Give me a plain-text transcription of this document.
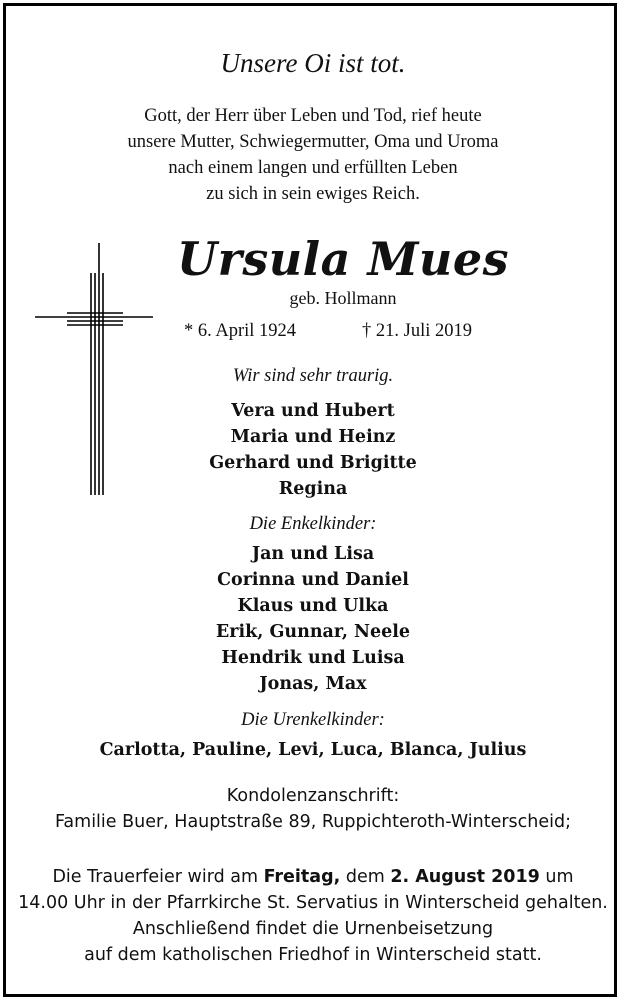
Unsere Oi ist tot.
Gott, der Herr über Leben und Tod, rief heute
unsere Mutter, Schwiegermutter, Oma und Uroma
nach einem langen und erfüllten Leben
zu sich in sein ewiges Reich.
Ursula Mues
geb. Hollmann
* 6. April 1924	† 21. Juli 2019
Wir sind sehr traurig.
Vera und Hubert
Maria und Heinz
Gerhard und Brigitte
Regina
Die Enkelkinder:
Jan und Lisa
Corinna und Daniel
Klaus und Ulka
Erik, Gunnar, Neele
Hendrik und Luisa
Jonas, Max
Die Urenkelkinder:
Carlotta, Pauline, Levi, Luca, Blanca, Julius
Kondolenzanschrift:
Familie Buer, Hauptstraße 89, Ruppichteroth-Winterscheid;
Die Trauerfeier wird am Freitag, dem 2. August 2019 um
14.00 Uhr in der Pfarrkirche St. Servatius in Winterscheid gehalten.
Anschließend findet die Urnenbeisetzung
auf dem katholischen Friedhof in Winterscheid statt.
